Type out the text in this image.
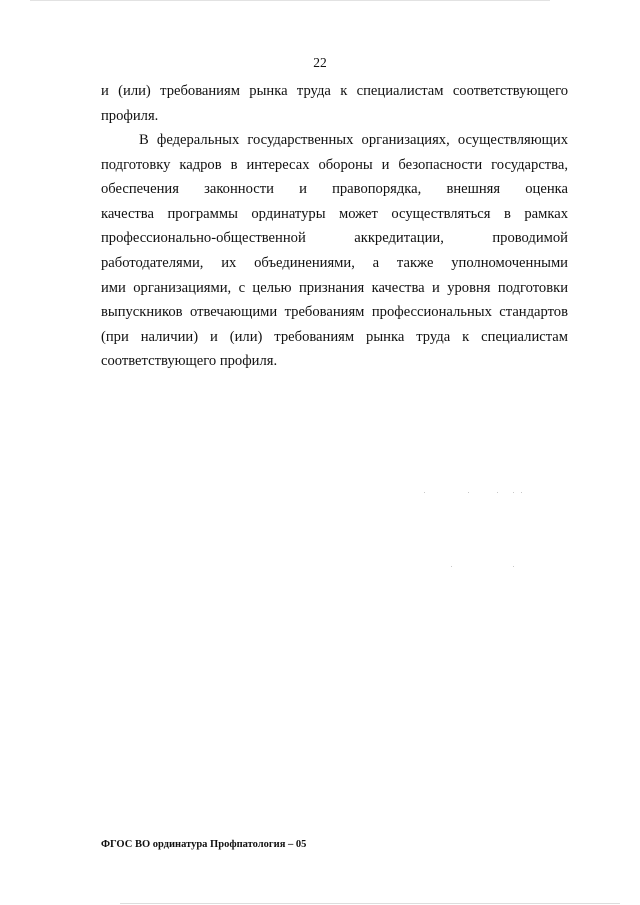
22
и (или) требованиям рынка труда к специалистам соответствующего
профиля.
В федеральных государственных организациях, осуществляющих
подготовку кадров в интересах обороны и безопасности государства,
обеспечения законности и правопорядка, внешняя оценка
качества программы ординатуры может осуществляться в рамках
профессионально-общественной аккредитации, проводимой
работодателями, их объединениями, а также уполномоченными
ими организациями, с целью признания качества и уровня подготовки
выпускников отвечающими требованиям профессиональных стандартов
(при наличии) и (или) требованиям рынка труда к специалистам
соответствующего профиля.
ФГОС ВО ординатура Профпатология – 05
